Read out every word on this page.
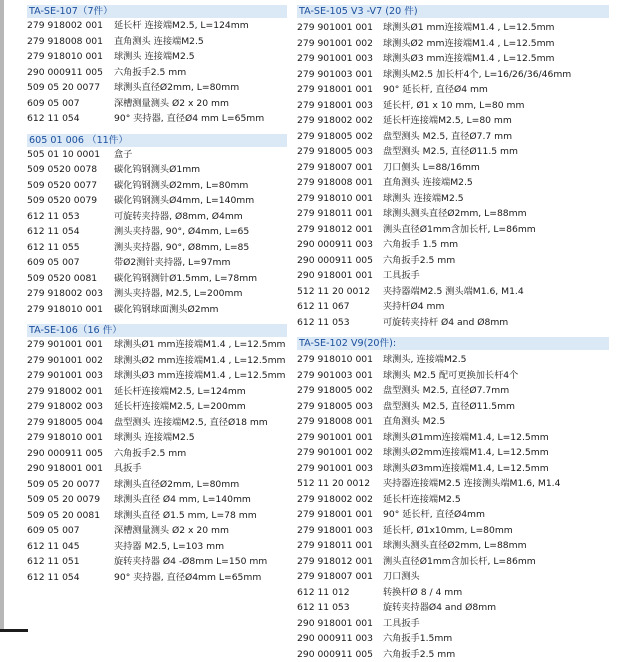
TA-SE-107（7件）
279 918002 001 延长杆 连接端M2.5, L=124mm
279 918008 001 直角测头 连接端M2.5
279 918010 001 球测头 连接端M2.5
290 000911 005 六角扳手2.5 mm
509 05 20 0077 球测头直径Ø2mm, L=80mm
609 05 007	深槽测量测头 Ø2 x 20 mm
612 11 054	90° 夹持器, 直径Ø4 mm L=65mm
605 01 006 （11件）
505 01 10 0001 盒子
509 0520 0078 碳化钨钢测头Ø1mm
509 0520 0077 碳化钨钢测头Ø2mm, L=80mm
509 0520 0079 碳化钨钢测头Ø4mm, L=140mm
612 11 053	可旋转夹持器, Ø8mm, Ø4mm
612 11 054	测头夹持器, 90°, Ø4mm, L=65
612 11 055	测头夹持器, 90°, Ø8mm, L=85
609 05 007	带Ø2测针夹持器, L=97mm
509 0520 0081 碳化钨钢测针Ø1.5mm, L=78mm
279 918002 003 测头夹持器, M2.5, L=200mm
279 918010 001 碳化钨钢球面测头Ø2mm
TA-SE-106（16 件）
279 901001 001 球测头Ø1 mm连接端M1.4 , L=12.5mm
279 901001 002 球测头Ø2 mm连接端M1.4 , L=12.5mm
279 901001 003 球测头Ø3 mm连接端M1.4 , L=12.5mm
279 918002 001 延长杆连接端M2.5, L=124mm
279 918002 003 延长杆连接端M2.5, L=200mm
279 918005 004 盘型测头 连接端M2.5, 直径Ø18 mm
279 918010 001 球测头 连接端M2.5
290 000911 005 六角扳手2.5 mm
290 918001 001 具扳手
509 05 20 0077 球测头直径Ø2mm, L=80mm
509 05 20 0079 球测头直径 Ø4 mm, L=140mm
509 05 20 0081 球测头直径 Ø1.5 mm, L=78 mm
609 05 007	深槽测量测头 Ø2 x 20 mm
612 11 045	夹持器 M2.5, L=103 mm
612 11 051	旋转夹持器 Ø4 -Ø8mm L=150 mm
612 11 054	90° 夹持器, 直径Ø4mm L=65mm
TA-SE-105 V3 -V7 (20 件)
279 901001 001 球测头Ø1 mm连接端M1.4 , L=12.5mm
279 901001 002 球测头Ø2 mm连接端M1.4 , L=12.5mm
279 901001 003 球测头Ø3 mm连接端M1.4 , L=12.5mm
279 901003 001 球测头M2.5 加长杆4个, L=16/26/36/46mm
279 918001 001 90° 延长杆, 直径Ø4 mm
279 918001 003 延长杆, Ø1 x 10 mm, L=80 mm
279 918002 002 延长杆连接端M2.5, L=80 mm
279 918005 002 盘型测头 M2.5, 直径Ø7.7 mm
279 918005 003 盘型测头 M2.5, 直径Ø11.5 mm
279 918007 001 刀口侧头 L=88/16mm
279 918008 001 直角测头 连接端M2.5
279 918010 001 球测头 连接端M2.5
279 918011 001 球测头测头直径Ø2mm, L=88mm
279 918012 001 测头直径Ø1mm含加长杆, L=86mm
290 000911 003 六角扳手 1.5 mm
290 000911 005 六角扳手2.5 mm
290 918001 001 工具扳手
512 11 20 0012 夹持器端M2.5 测头端M1.6, M1.4
612 11 067	夹持杆Ø4 mm
612 11 053	可旋转夹持杆 Ø4 and Ø8mm
TA-SE-102 V9(20件):
279 918010 001 球测头, 连接端M2.5
279 901003 001 球测头 M2.5 配可更换加长杆4个
279 918005 002 盘型测头 M2.5, 直径Ø7.7mm
279 918005 003 盘型测头 M2.5, 直径Ø11.5mm
279 918008 001 直角测头 M2.5
279 901001 001 球测头Ø1mm连接端M1.4, L=12.5mm
279 901001 002 球测头Ø2mm连接端M1.4, L=12.5mm
279 901001 003 球测头Ø3mm连接端M1.4, L=12.5mm
512 11 20 0012 夹持器连接端M2.5 连接测头端M1.6, M1.4
279 918002 002 延长杆连接端M2.5
279 918001 001 90° 延长杆, 直径Ø4mm
279 918001 003 延长杆, Ø1x10mm, L=80mm
279 918011 001 球测头测头直径Ø2mm, L=88mm
279 918012 001 测头直径Ø1mm含加长杆, L=86mm
279 918007 001 刀口测头
612 11 012	转换杆Ø 8 / 4 mm
612 11 053	旋转夹持器Ø4 and Ø8mm
290 918001 001 工具扳手
290 000911 003 六角扳手1.5mm
290 000911 005 六角扳手2.5 mm
